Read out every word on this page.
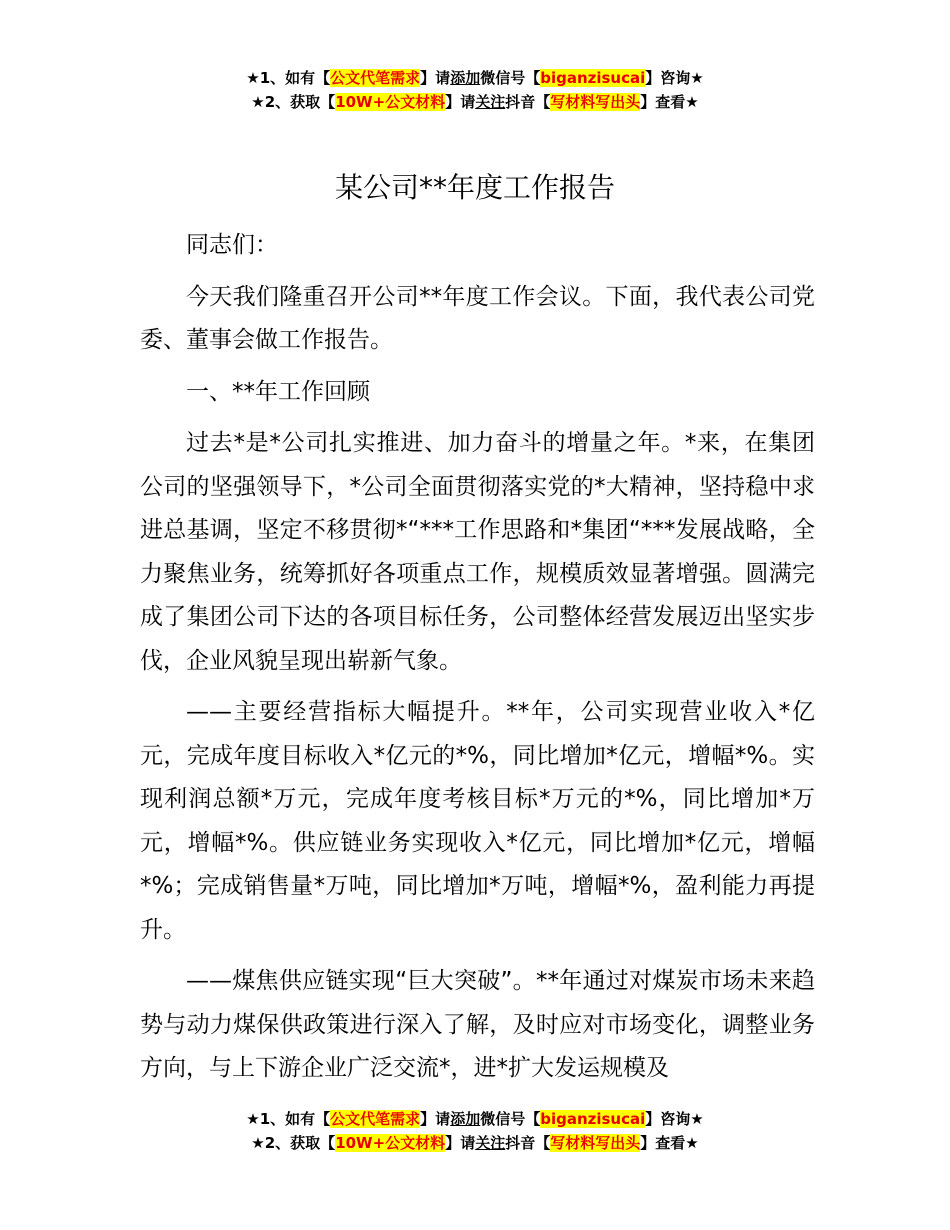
★1、如有【公文代笔需求】请添加微信号【biganzisucai】咨询★
★2、获取【10W+公文材料】请关注抖音【写材料写出头】查看★
某公司**年度工作报告

同志们：

今天我们隆重召开公司**年度工作会议。下面，我代表公司党委、董事会做工作报告。

一、**年工作回顾

过去*是*公司扎实推进、加力奋斗的增量之年。*来，在集团公司的坚强领导下，*公司全面贯彻落实党的*大精神，坚持稳中求进总基调，坚定不移贯彻*“***工作思路和*集团“***发展战略，全力聚焦业务，统筹抓好各项重点工作，规模质效显著增强。圆满完成了集团公司下达的各项目标任务，公司整体经营发展迈出坚实步伐，企业风貌呈现出崭新气象。

——主要经营指标大幅提升。**年，公司实现营业收入*亿元，完成年度目标收入*亿元的*%，同比增加*亿元，增幅*%。实现利润总额*万元，完成年度考核目标*万元的*%，同比增加*万元，增幅*%。供应链业务实现收入*亿元，同比增加*亿元，增幅*%；完成销售量*万吨，同比增加*万吨，增幅*%，盈利能力再提升。

——煤焦供应链实现“巨大突破”。**年通过对煤炭市场未来趋势与动力煤保供政策进行深入了解，及时应对市场变化，调整业务方向，与上下游企业广泛交流*，进*扩大发运规模及

★1、如有【公文代笔需求】请添加微信号【biganzisucai】咨询★
★2、获取【10W+公文材料】请关注抖音【写材料写出头】查看★
